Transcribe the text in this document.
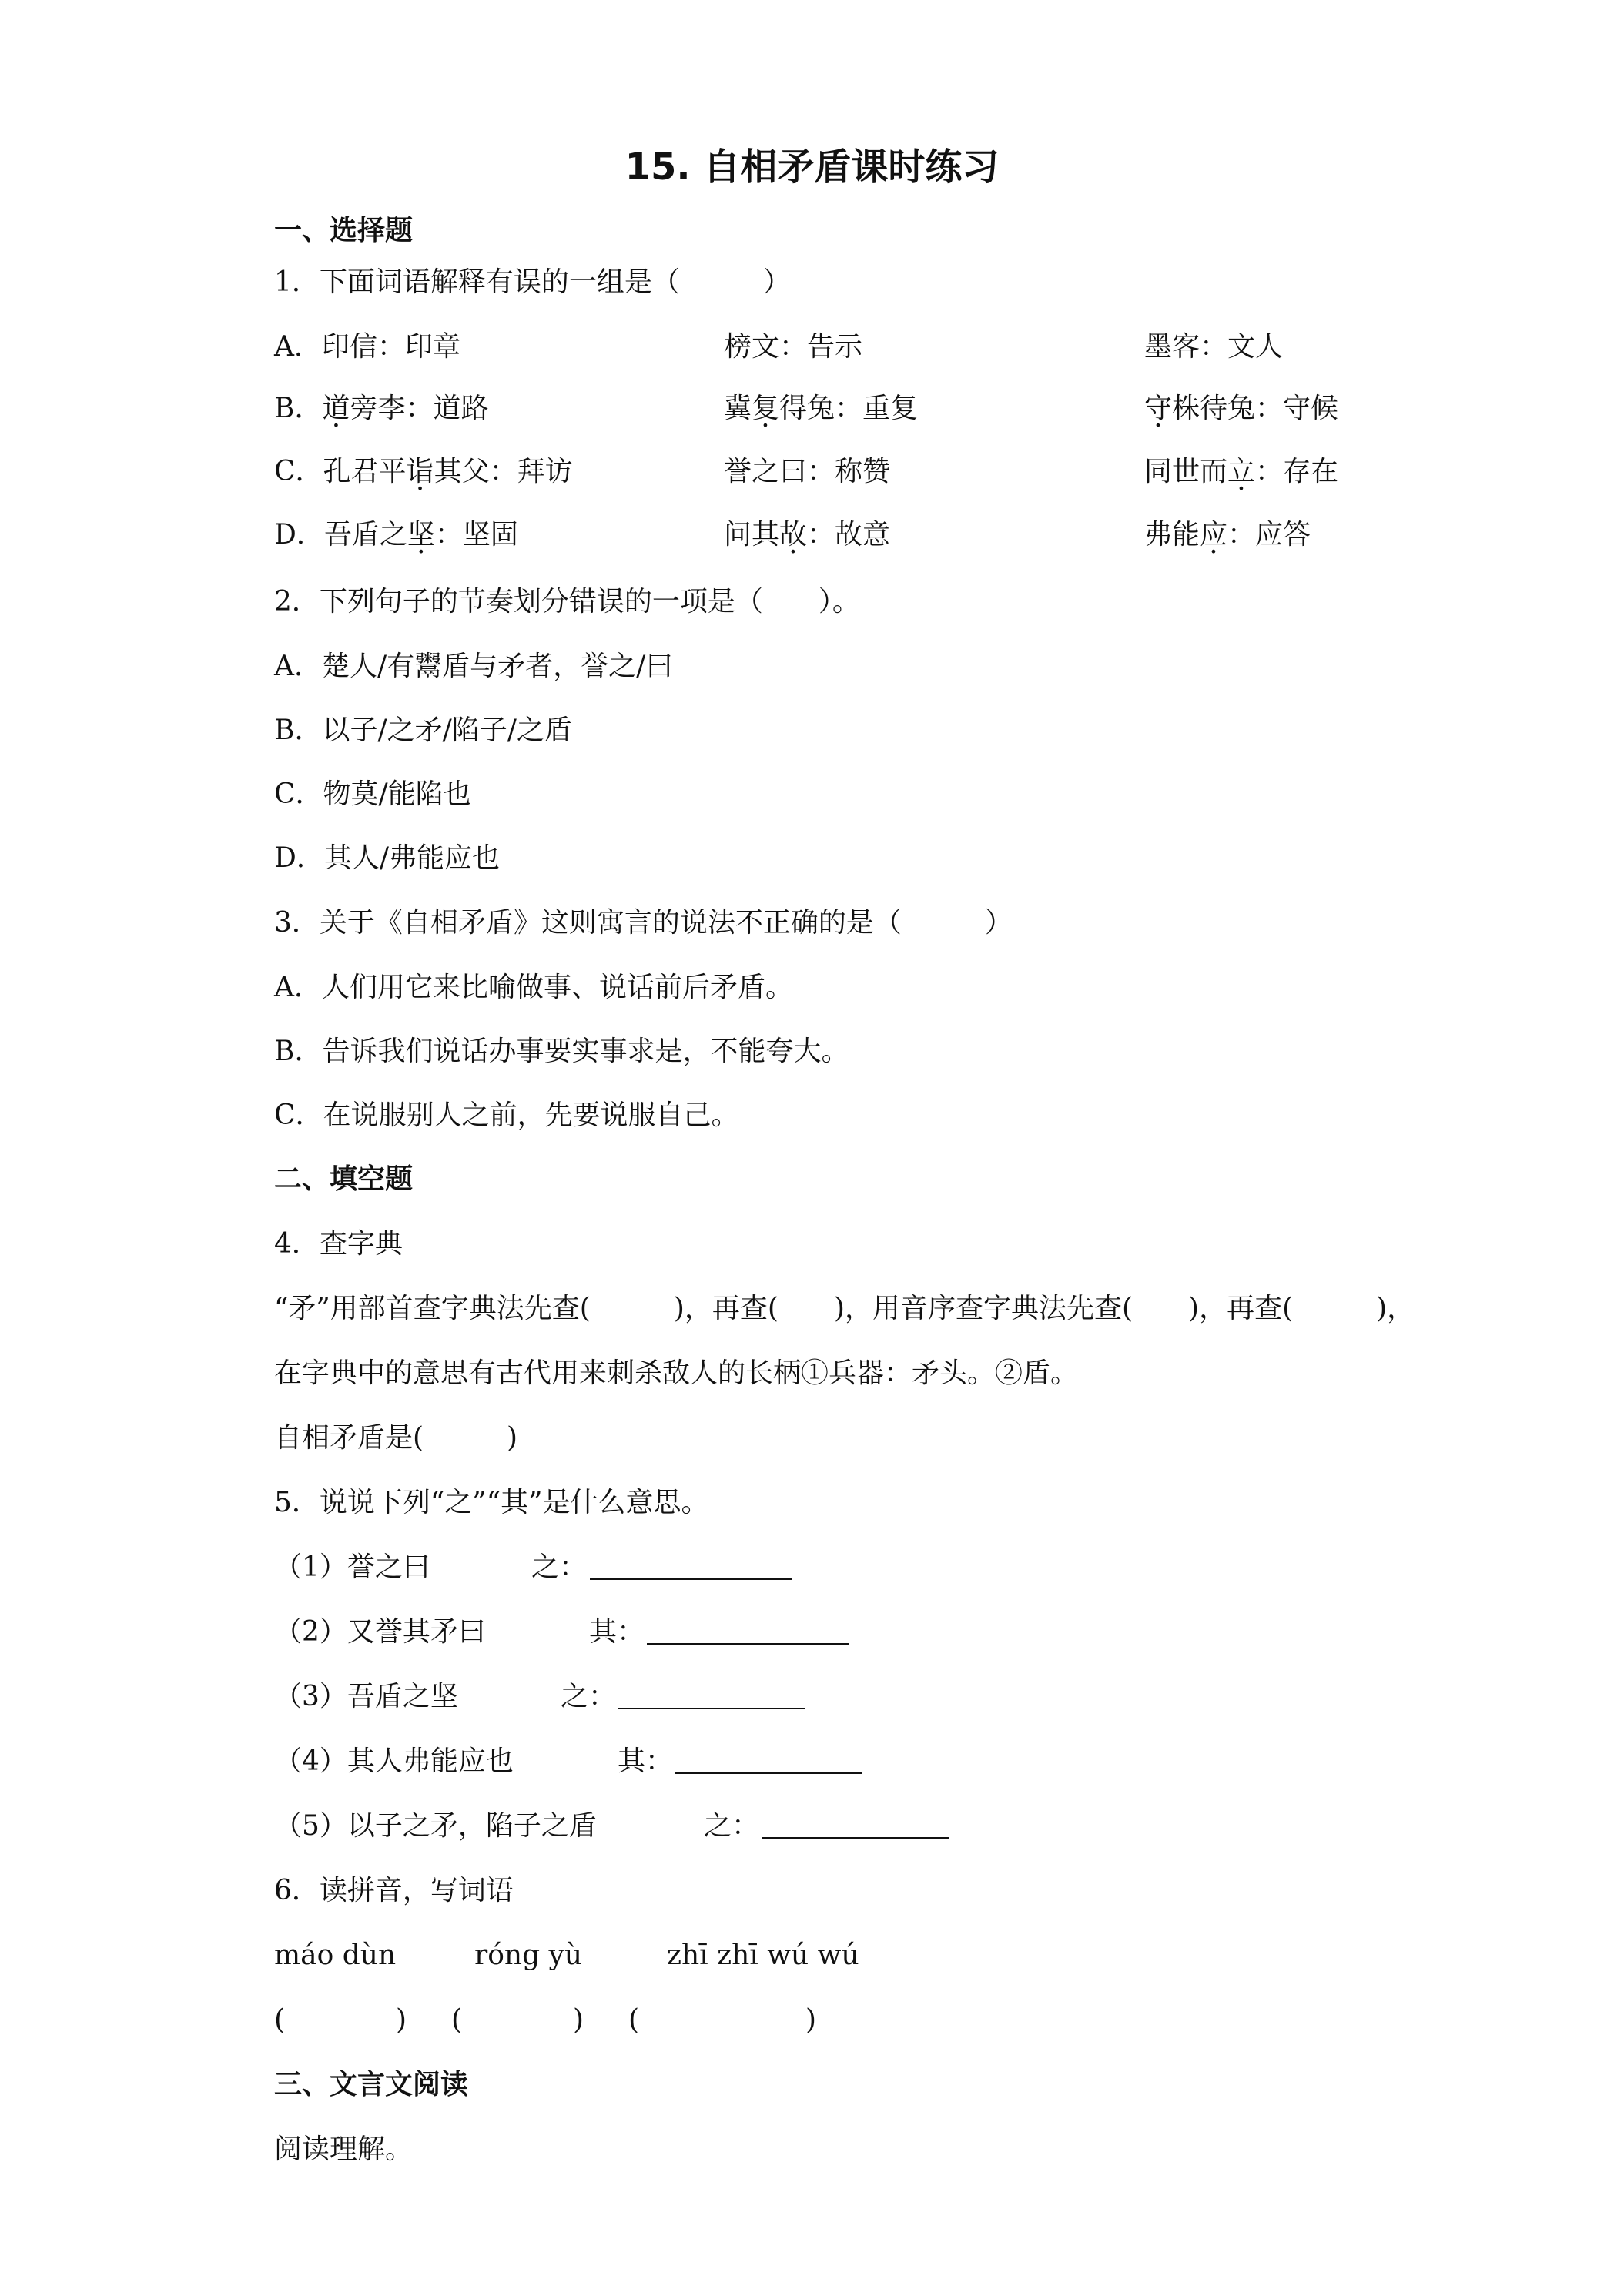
15. 自相矛盾课时练习
一、选择题
1．下面词语解释有误的一组是（　　　）
A．印信：印章	榜文：告示	墨客：文人
B．道旁李：道路	冀复得兔：重复	守株待兔：守候
C．孔君平诣其父：拜访	誉之曰：称赞	同世而立：存在
D．吾盾之坚：坚固	问其故：故意	弗能应：应答
2．下列句子的节奏划分错误的一项是（　　）。
A．楚人/有鬻盾与矛者，誉之/曰
B．以子/之矛/陷子/之盾
C．物莫/能陷也
D．其人/弗能应也
3．关于《自相矛盾》这则寓言的说法不正确的是（　　　）
A．人们用它来比喻做事、说话前后矛盾。
B．告诉我们说话办事要实事求是，不能夸大。
C．在说服别人之前，先要说服自己。
二、填空题
4．查字典
“矛”用部首查字典法先查(　　　)，再查(　　)，用音序查字典法先查(　　)，再查(　　　)，
在字典中的意思有古代用来刺杀敌人的长柄①兵器：矛头。②盾。
自相矛盾是(　　　)
5．说说下列“之”“其”是什么意思。
（1）誉之曰	之：
（2）又誉其矛曰	其：
（3）吾盾之坚	之：
（4）其人弗能应也	其：
（5）以子之矛，陷子之盾	之：
6．读拼音，写词语
máo dùn	róng yù	zhī zhī wú wú
(　　　　) (　　　　) (　　　　　　)
三、文言文阅读
阅读理解。
